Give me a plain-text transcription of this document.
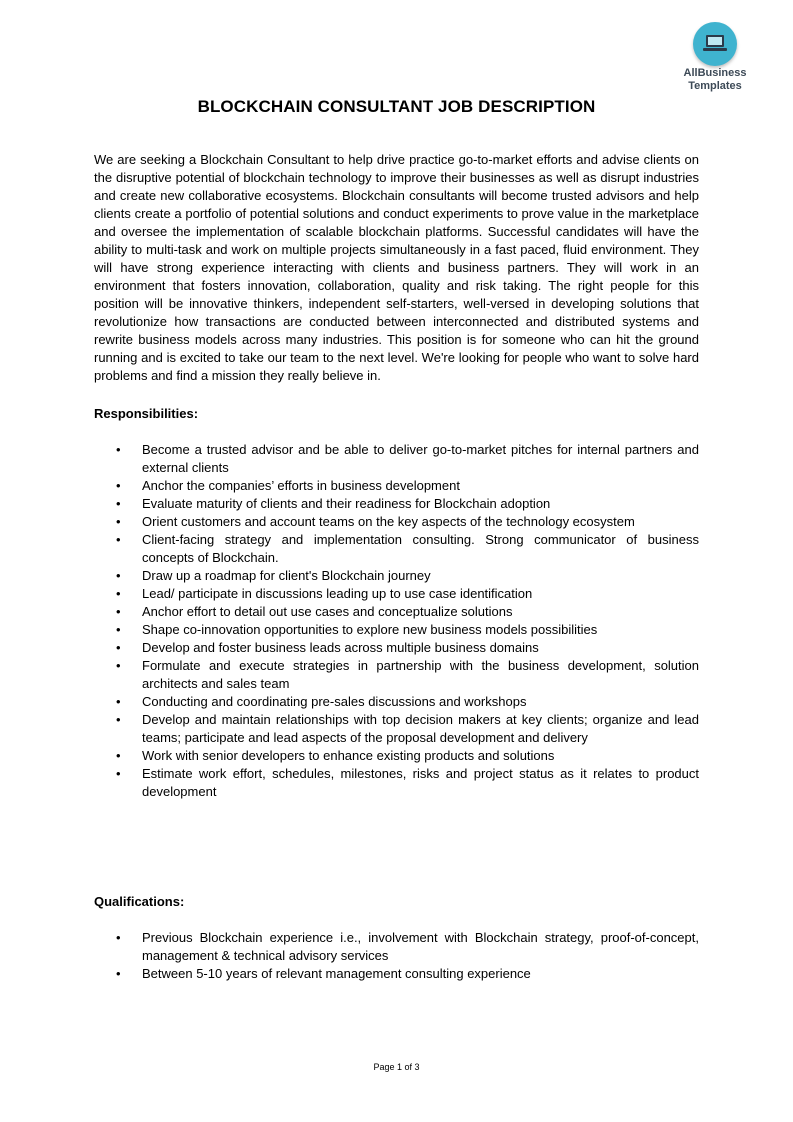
AllBusiness
Templates
BLOCKCHAIN CONSULTANT JOB DESCRIPTION

We are seeking a Blockchain Consultant to help drive practice go-to-market efforts and advise clients on the disruptive potential of blockchain technology to improve their businesses as well as disrupt industries and create new collaborative ecosystems. Blockchain consultants will become trusted advisors and help clients create a portfolio of potential solutions and conduct experiments to prove value in the marketplace and oversee the implementation of scalable blockchain platforms. Successful candidates will have the ability to multi-task and work on multiple projects simultaneously in a fast paced, fluid environment. They will have strong experience interacting with clients and business partners. They will work in an environment that fosters innovation, collaboration, quality and risk taking. The right people for this position will be innovative thinkers, independent self-starters, well-versed in developing solutions that revolutionize how transactions are conducted between interconnected and distributed systems and rewrite business models across many industries. This position is for someone who can hit the ground running and is excited to take our team to the next level. We're looking for people who want to solve hard problems and find a mission they really believe in.

Responsibilities:

• Become a trusted advisor and be able to deliver go-to-market pitches for internal partners and external clients
• Anchor the companies’ efforts in business development
• Evaluate maturity of clients and their readiness for Blockchain adoption
• Orient customers and account teams on the key aspects of the technology ecosystem
• Client-facing strategy and implementation consulting. Strong communicator of business concepts of Blockchain.
• Draw up a roadmap for client's Blockchain journey
• Lead/ participate in discussions leading up to use case identification
• Anchor effort to detail out use cases and conceptualize solutions
• Shape co-innovation opportunities to explore new business models possibilities
• Develop and foster business leads across multiple business domains
• Formulate and execute strategies in partnership with the business development, solution architects and sales team
• Conducting and coordinating pre-sales discussions and workshops
• Develop and maintain relationships with top decision makers at key clients; organize and lead teams; participate and lead aspects of the proposal development and delivery
• Work with senior developers to enhance existing products and solutions
• Estimate work effort, schedules, milestones, risks and project status as it relates to product development

Qualifications:

• Previous Blockchain experience i.e., involvement with Blockchain strategy, proof-of-concept, management & technical advisory services
• Between 5-10 years of relevant management consulting experience
Page 1 of 3
